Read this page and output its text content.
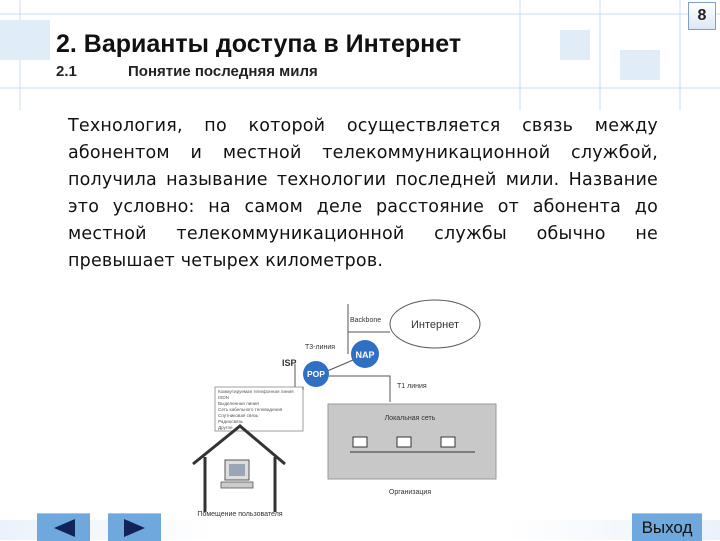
8
2. Варианты доступа в Интернет
2.1	Понятие последняя миля
Технология, по которой осуществляется связь между абонентом и местной телекоммуникационной службой, получила называние технологии последней мили. Название это условно: на самом деле расстояние от абонента до местной телекоммуникационной службы обычно не превышает четырех километров.
Интернет
Backbone
T3-линия
NAP
ISP
POP
T1 линия
Локальная сеть
Организация
Коммутируемая телефонная линия
ISDN
Выделенная линия
Сеть кабельного телевидения
Спутниковая связь
Радиосвязь
Другое
Помещение пользователя
Выход
